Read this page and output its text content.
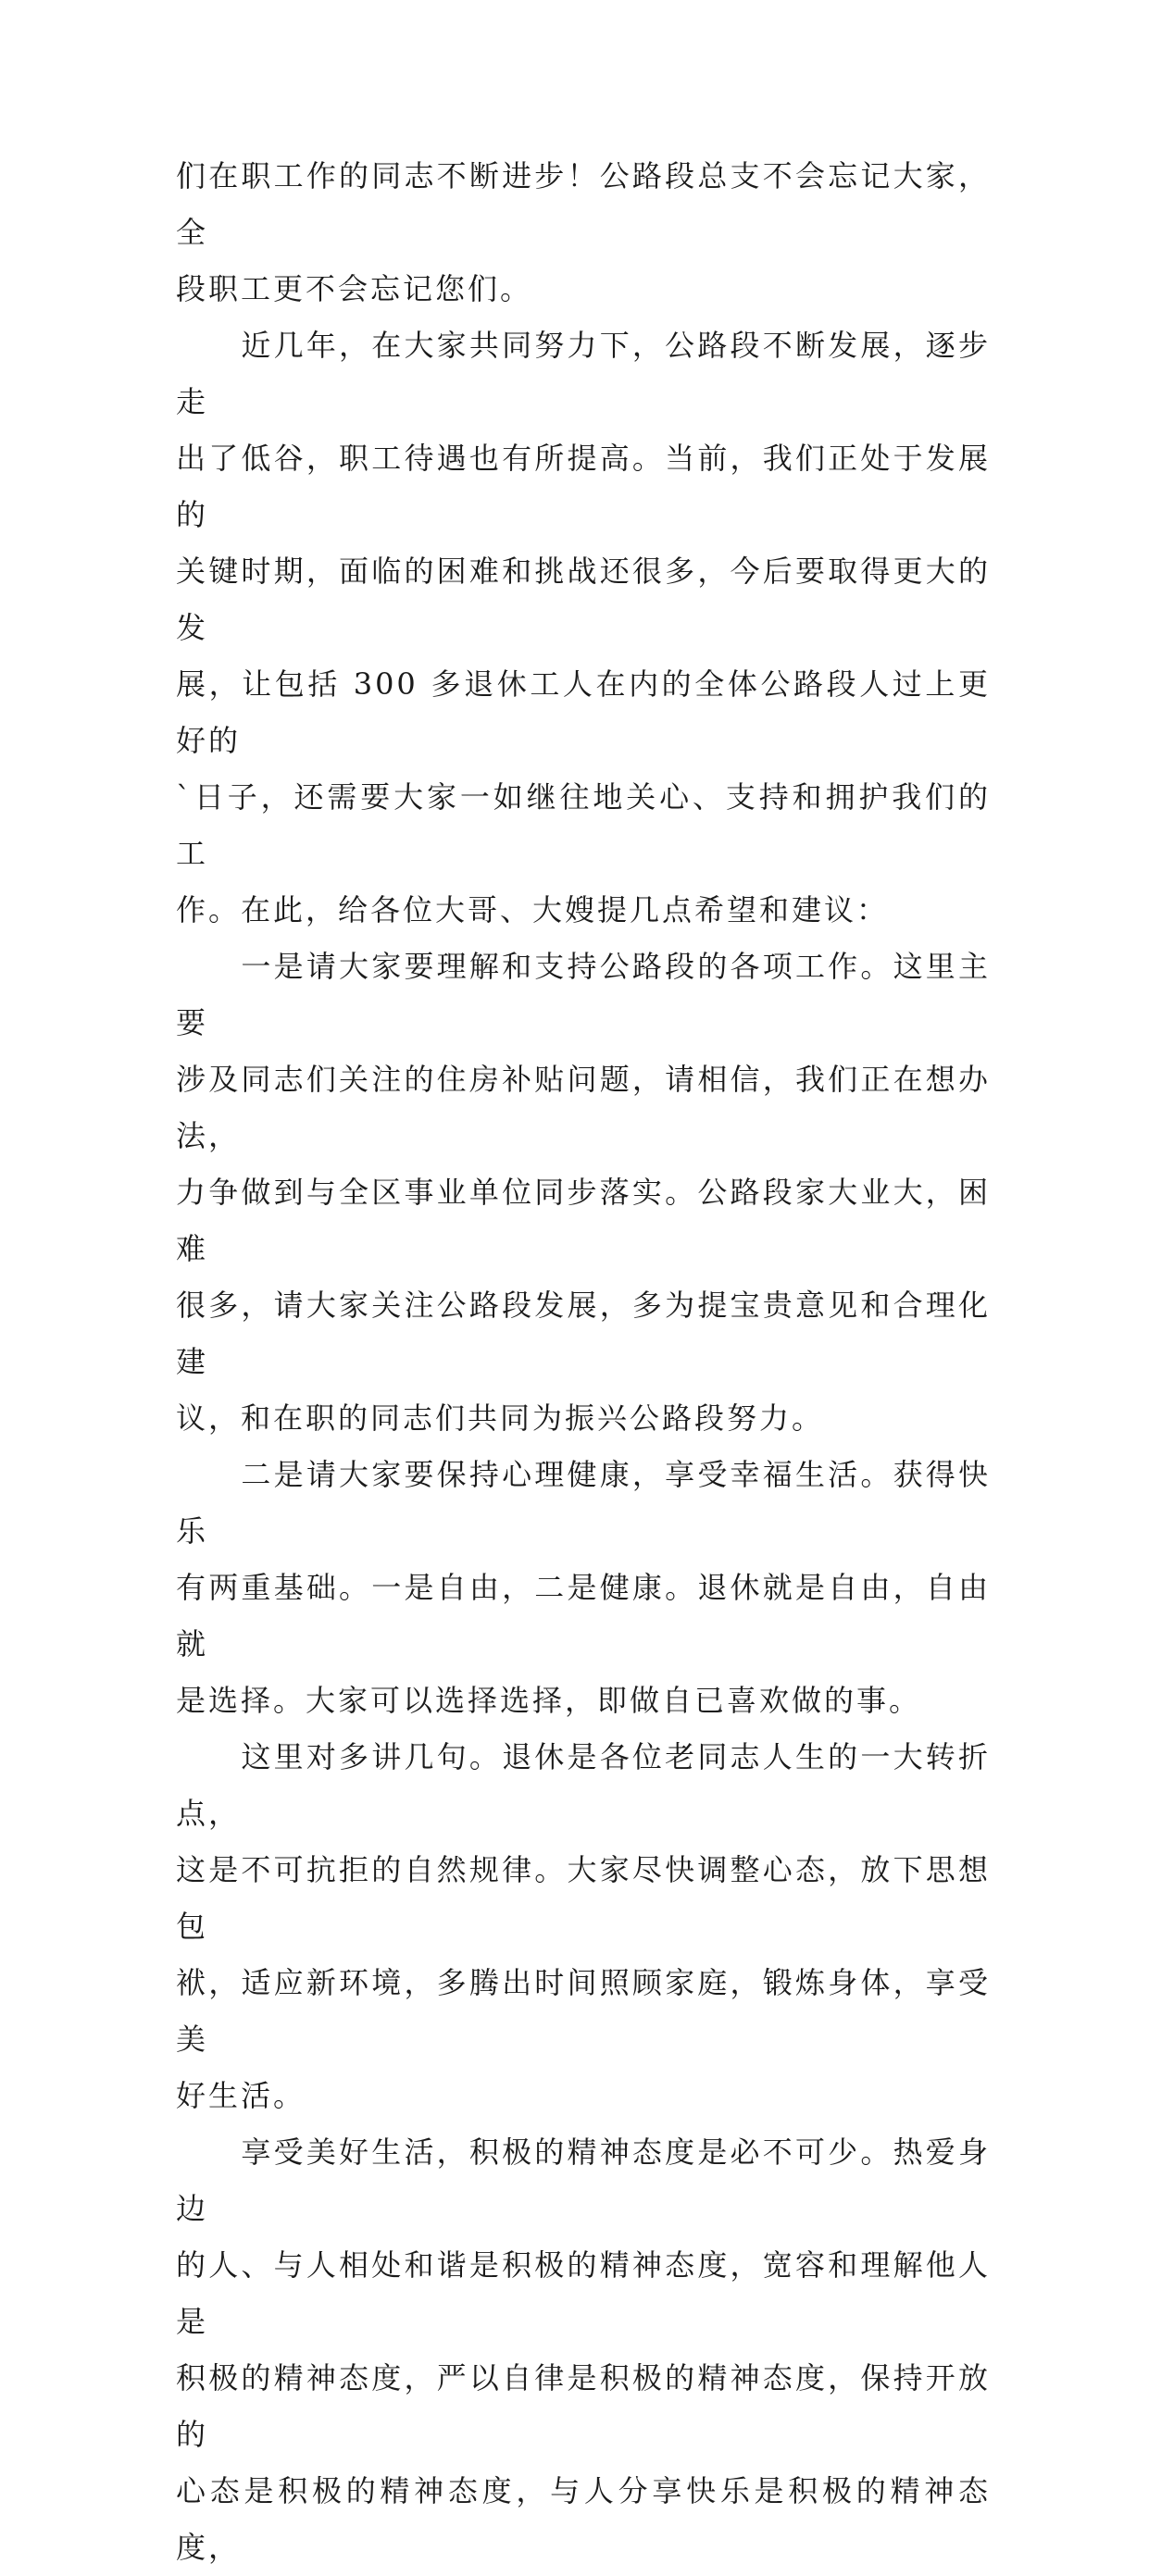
们在职工作的同志不断进步！公路段总支不会忘记大家，全
段职工更不会忘记您们。

　　近几年，在大家共同努力下，公路段不断发展，逐步走
出了低谷，职工待遇也有所提高。当前，我们正处于发展的
关键时期，面临的困难和挑战还很多，今后要取得更大的发
展，让包括 300 多退休工人在内的全体公路段人过上更好的
`日子，还需要大家一如继往地关心、支持和拥护我们的工
作。在此，给各位大哥、大嫂提几点希望和建议：

　　一是请大家要理解和支持公路段的各项工作。这里主要
涉及同志们关注的住房补贴问题，请相信，我们正在想办法，
力争做到与全区事业单位同步落实。公路段家大业大，困难
很多，请大家关注公路段发展，多为提宝贵意见和合理化建
议，和在职的同志们共同为振兴公路段努力。

　　二是请大家要保持心理健康，享受幸福生活。获得快乐
有两重基础。一是自由，二是健康。退休就是自由，自由就
是选择。大家可以选择选择，即做自已喜欢做的事。

　　这里对多讲几句。退休是各位老同志人生的一大转折点，
这是不可抗拒的自然规律。大家尽快调整心态，放下思想包
袱，适应新环境，多腾出时间照顾家庭，锻炼身体，享受美
好生活。

　　享受美好生活，积极的精神态度是必不可少。热爱身边
的人、与人相处和谐是积极的精神态度，宽容和理解他人是
积极的精神态度，严以自律是积极的精神态度，保持开放的
心态是积极的精神态度，与人分享快乐是积极的精神态度，
